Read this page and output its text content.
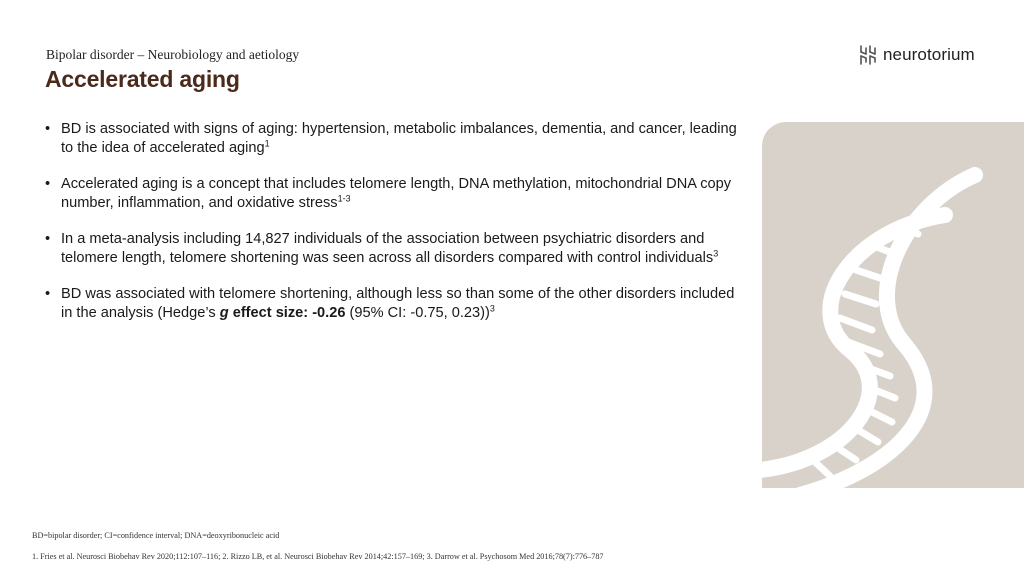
Bipolar disorder – Neurobiology and aetiology
Accelerated aging
neurotorium
• BD is associated with signs of aging: hypertension, metabolic imbalances, dementia, and cancer, leading to the idea of accelerated aging$^1$
• Accelerated aging is a concept that includes telomere length, DNA methylation, mitochondrial DNA copy number, inflammation, and oxidative stress$^{1-3}$
• In a meta-analysis including 14,827 individuals of the association between psychiatric disorders and telomere length, telomere shortening was seen across all disorders compared with control individuals$^3$
• BD was associated with telomere shortening, although less so than some of the other disorders included in the analysis (Hedge’s g effect size: -0.26 (95% CI: -0.75, 0.23))$^3$
BD=bipolar disorder; CI=confidence interval; DNA=deoxyribonucleic acid
1. Fries et al. Neurosci Biobehav Rev 2020;112:107–116; 2. Rizzo LB, et al. Neurosci Biobehav Rev 2014;42:157–169; 3. Darrow et al. Psychosom Med 2016;78(7):776–787
